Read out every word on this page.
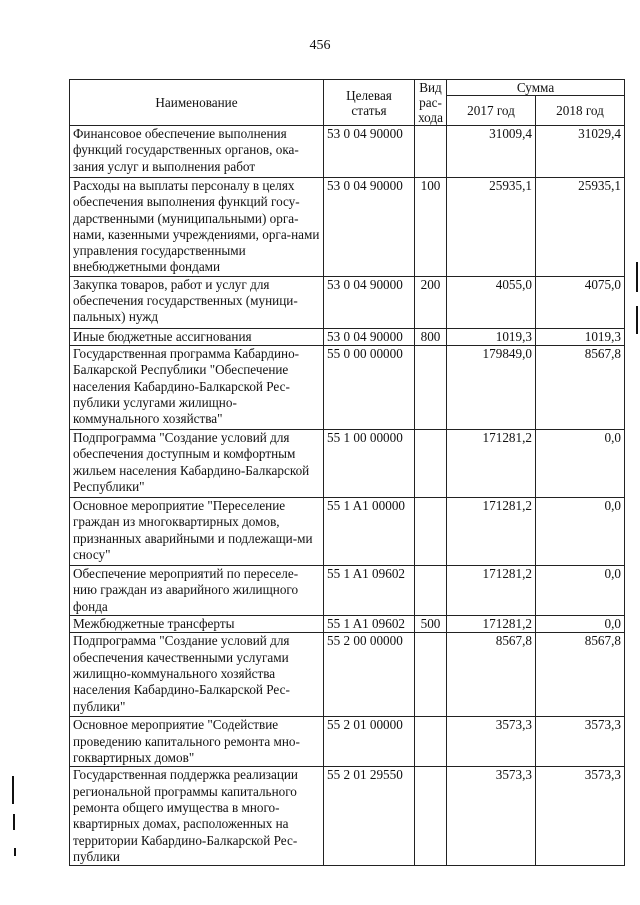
456
Наименование	Целевая статья	Вид рас-хода	Сумма	
			2017 год	2018 год
Финансовое обеспечение выполнения функций государственных органов, ока-зания услуг и выполнения работ	53 0 04 90000		31009,4	31029,4
Расходы на выплаты персоналу в целях обеспечения выполнения функций госу-дарственными (муниципальными) орга-нами, казенными учреждениями, орга-нами управления государственными внебюджетными фондами	53 0 04 90000	100	25935,1	25935,1
Закупка товаров, работ и услуг для обеспечения государственных (муници-пальных) нужд	53 0 04 90000	200	4055,0	4075,0
Иные бюджетные ассигнования	53 0 04 90000	800	1019,3	1019,3
Государственная программа Кабардино-Балкарской Республики "Обеспечение населения Кабардино-Балкарской Рес-публики услугами жилищно-коммунального хозяйства"	55 0 00 00000		179849,0	8567,8
Подпрограмма "Создание условий для обеспечения доступным и комфортным жильем населения Кабардино-Балкарской Республики"	55 1 00 00000		171281,2	0,0
Основное мероприятие "Переселение граждан из многоквартирных домов, признанных аварийными и подлежащи-ми сносу"	55 1 A1 00000		171281,2	0,0
Обеспечение мероприятий по переселе-нию граждан из аварийного жилищного фонда	55 1 A1 09602		171281,2	0,0
Межбюджетные трансферты	55 1 A1 09602	500	171281,2	0,0
Подпрограмма "Создание условий для обеспечения качественными услугами жилищно-коммунального хозяйства населения Кабардино-Балкарской Рес-публики"	55 2 00 00000		8567,8	8567,8
Основное мероприятие "Содействие проведению капитального ремонта мно-гоквартирных домов"	55 2 01 00000		3573,3	3573,3
Государственная поддержка реализации региональной программы капитального ремонта общего имущества в много-квартирных домах, расположенных на территории Кабардино-Балкарской Рес-публики	55 2 01 29550		3573,3	3573,3
